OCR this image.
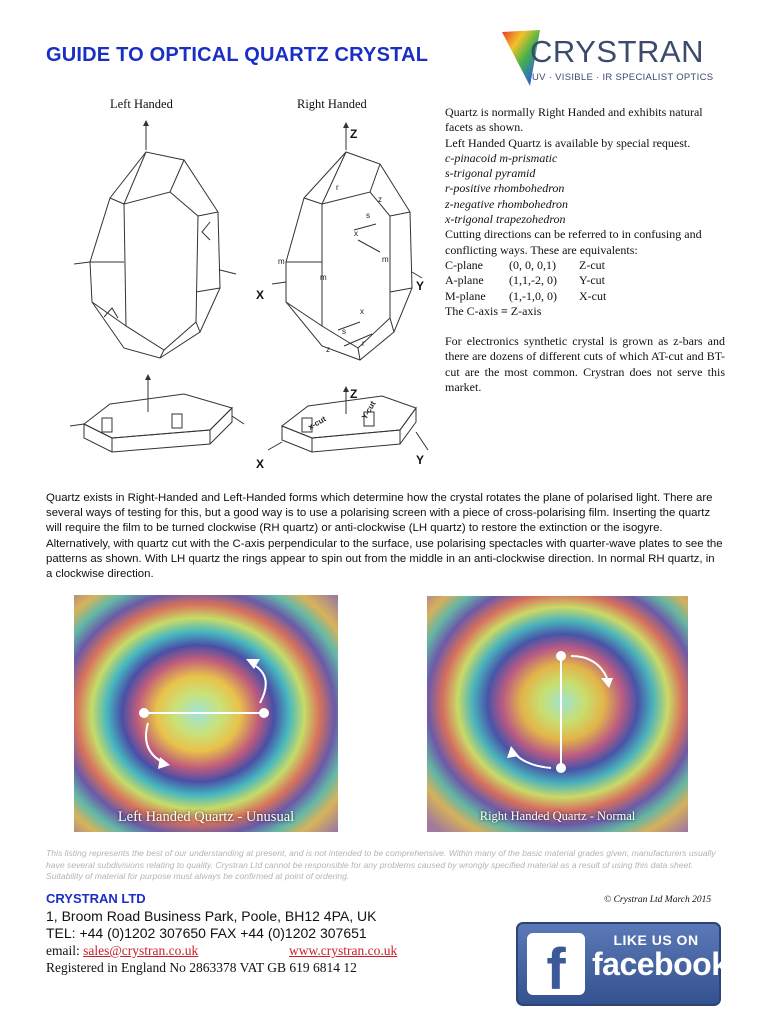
GUIDE TO OPTICAL QUARTZ CRYSTAL	CRYSTRAN
UV · VISIBLE · IR SPECIALIST OPTICS
Left Handed	Right Handed
Z
X
Y
Z
X	Y
r
z
s
x
m
m
m
x
s
r
z
x-cut
Y-cut
Quartz is normally Right Handed and exhibits natural facets as shown.
Left Handed Quartz is available by special request.
c-pinacoid m-prismatic
s-trigonal pyramid
r-positive rhombohedron
z-negative rhombohedron
x-trigonal trapezohedron
Cutting directions can be referred to in confusing and conflicting ways. These are equivalents:
C-plane	(0, 0, 0,1)	Z-cut
A-plane	(1,1,-2, 0)	Y-cut
M-plane	(1,-1,0, 0)	X-cut
The C-axis ≡ Z-axis
For electronics synthetic crystal is grown as z-bars and there are dozens of different cuts of which AT-cut and BT-cut are the most common. Crystran does not serve this market.
Quartz exists in Right-Handed and Left-Handed forms which determine how the crystal rotates the plane of polarised light. There are several ways of testing for this, but a good way is to use a polarising screen with a piece of cross-polarising film. Inserting the quartz will require the film to be turned clockwise (RH quartz) or anti-clockwise (LH quartz) to restore the extinction or the isogyre. Alternatively, with quartz cut with the C-axis perpendicular to the surface, use polarising spectacles with quarter-wave plates to see the patterns as shown. With LH quartz the rings appear to spin out from the middle in an anti-clockwise direction. In normal RH quartz, in a clockwise direction.
Left Handed Quartz - Unusual	Right Handed Quartz - Normal
This listing represents the best of our understanding at present, and is not intended to be comprehensive. Within many of the basic material grades given, manufacturers usually have several subdivisions relating to quality. Crystran Ltd cannot be responsible for any problems caused by wrongly specified material as a result of using this data sheet. Suitability of material for purpose must always be confirmed at point of ordering.
CRYSTRAN LTD	© Crystran Ltd March 2015
1, Broom Road Business Park, Poole, BH12 4PA, UK
TEL: +44 (0)1202 307650 FAX +44 (0)1202 307651
email: sales@crystran.co.uk	www.crystran.co.uk
Registered in England No 2863378 VAT GB 619 6814 12	f	LIKE US ON
facebook
